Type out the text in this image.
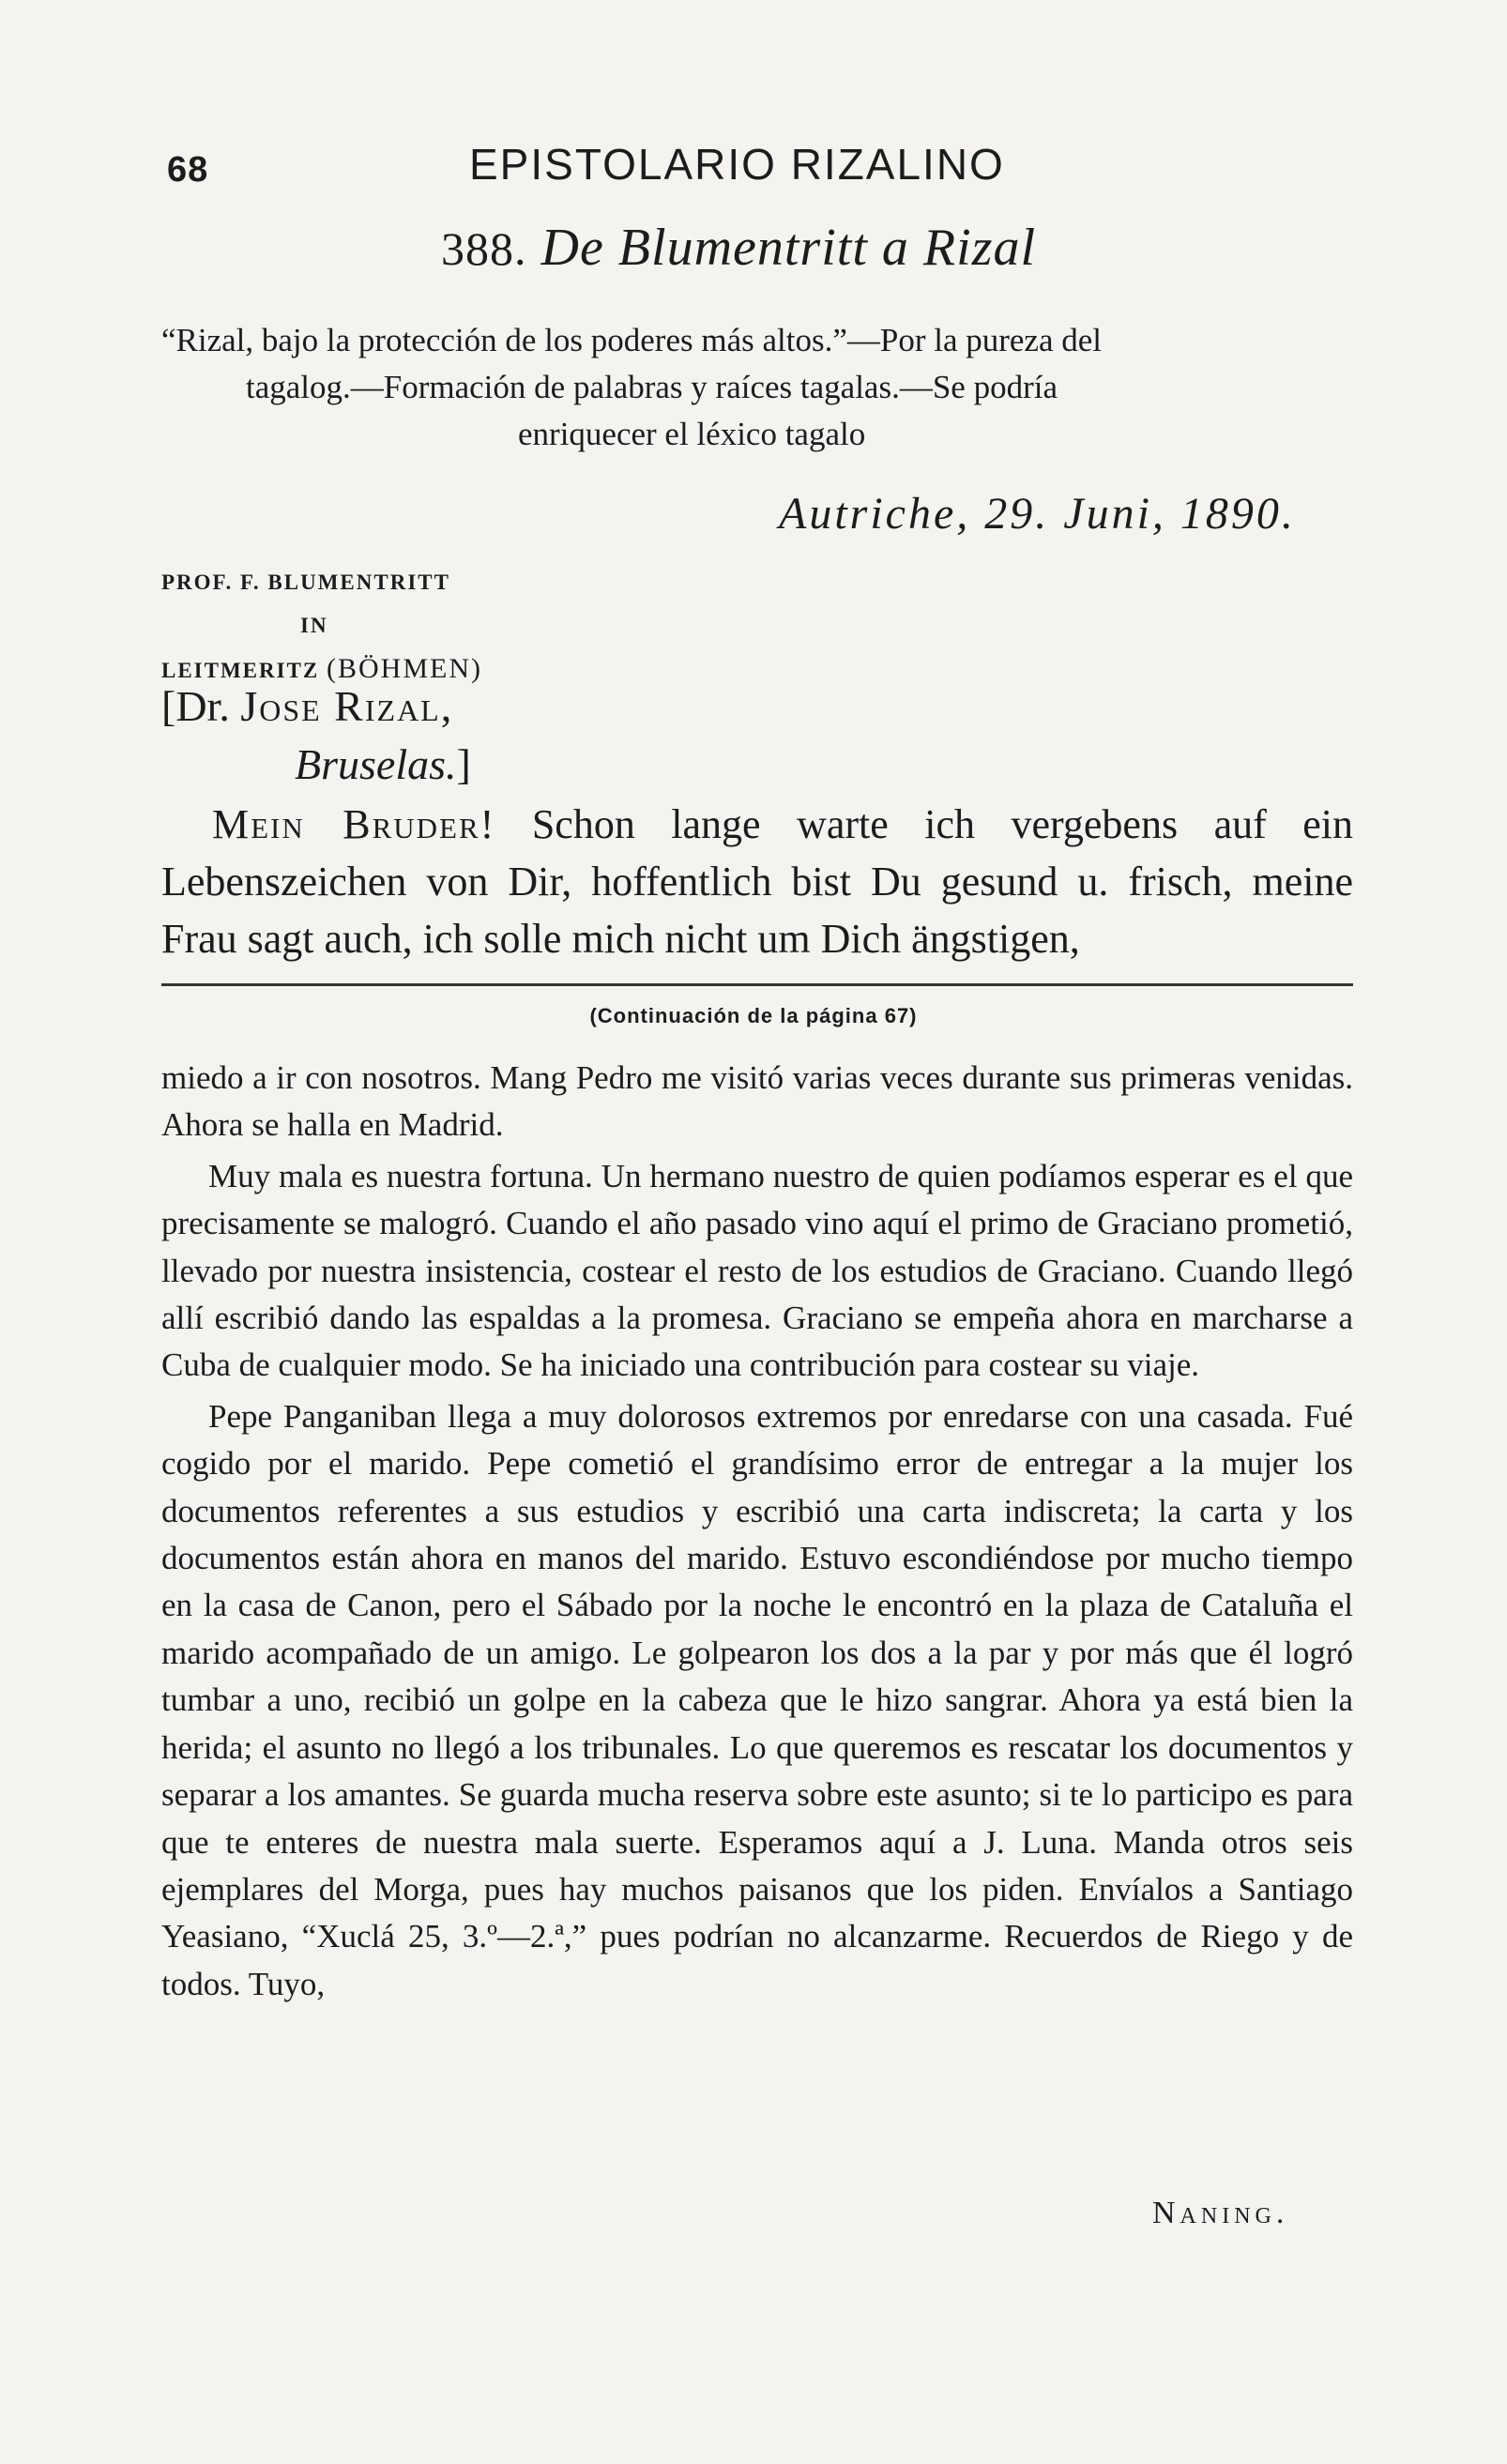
68	EPISTOLARIO RIZALINO
388. De Blumentritt a Rizal
“Rizal, bajo la protección de los poderes más altos.”—Por la pureza del
tagalog.—Formación de palabras y raíces tagalas.—Se podría
enriquecer el léxico tagalo
Autriche, 29. Juni, 1890.
PROF. F. BLUMENTRITT
IN
LEITMERITZ (BÖHMEN)
[Dr. Jose Rizal,
Bruselas.]
Mein Bruder! Schon lange warte ich vergebens auf ein Lebenszeichen von Dir, hoffentlich bist Du gesund u. frisch, meine Frau sagt auch, ich solle mich nicht um Dich ängstigen,
(Continuación de la página 67)

miedo a ir con nosotros. Mang Pedro me visitó varias veces durante sus primeras venidas. Ahora se halla en Madrid.

Muy mala es nuestra fortuna. Un hermano nuestro de quien podíamos esperar es el que precisamente se malogró. Cuando el año pasado vino aquí el primo de Graciano prometió, llevado por nuestra insistencia, costear el resto de los estudios de Graciano. Cuando llegó allí escribió dando las espaldas a la promesa. Graciano se empeña ahora en marcharse a Cuba de cualquier modo. Se ha iniciado una contribución para costear su viaje.

Pepe Panganiban llega a muy dolorosos extremos por enredarse con una casada. Fué cogido por el marido. Pepe cometió el grandísimo error de entregar a la mujer los documentos referentes a sus estudios y escribió una carta indiscreta; la carta y los documentos están ahora en manos del marido. Estuvo escondiéndose por mucho tiempo en la casa de Canon, pero el Sábado por la noche le encontró en la plaza de Cataluña el marido acompañado de un amigo. Le golpearon los dos a la par y por más que él logró tumbar a uno, recibió un golpe en la cabeza que le hizo sangrar. Ahora ya está bien la herida; el asunto no llegó a los tribunales. Lo que queremos es rescatar los documentos y separar a los amantes. Se guarda mucha reserva sobre este asunto; si te lo participo es para que te enteres de nuestra mala suerte. Esperamos aquí a J. Luna. Manda otros seis ejemplares del Morga, pues hay muchos paisanos que los piden. Envíalos a Santiago Yeasiano, “Xuclá 25, 3.º—2.ª,” pues podrían no alcanzarme. Recuerdos de Riego y de todos. Tuyo,

Naning.
